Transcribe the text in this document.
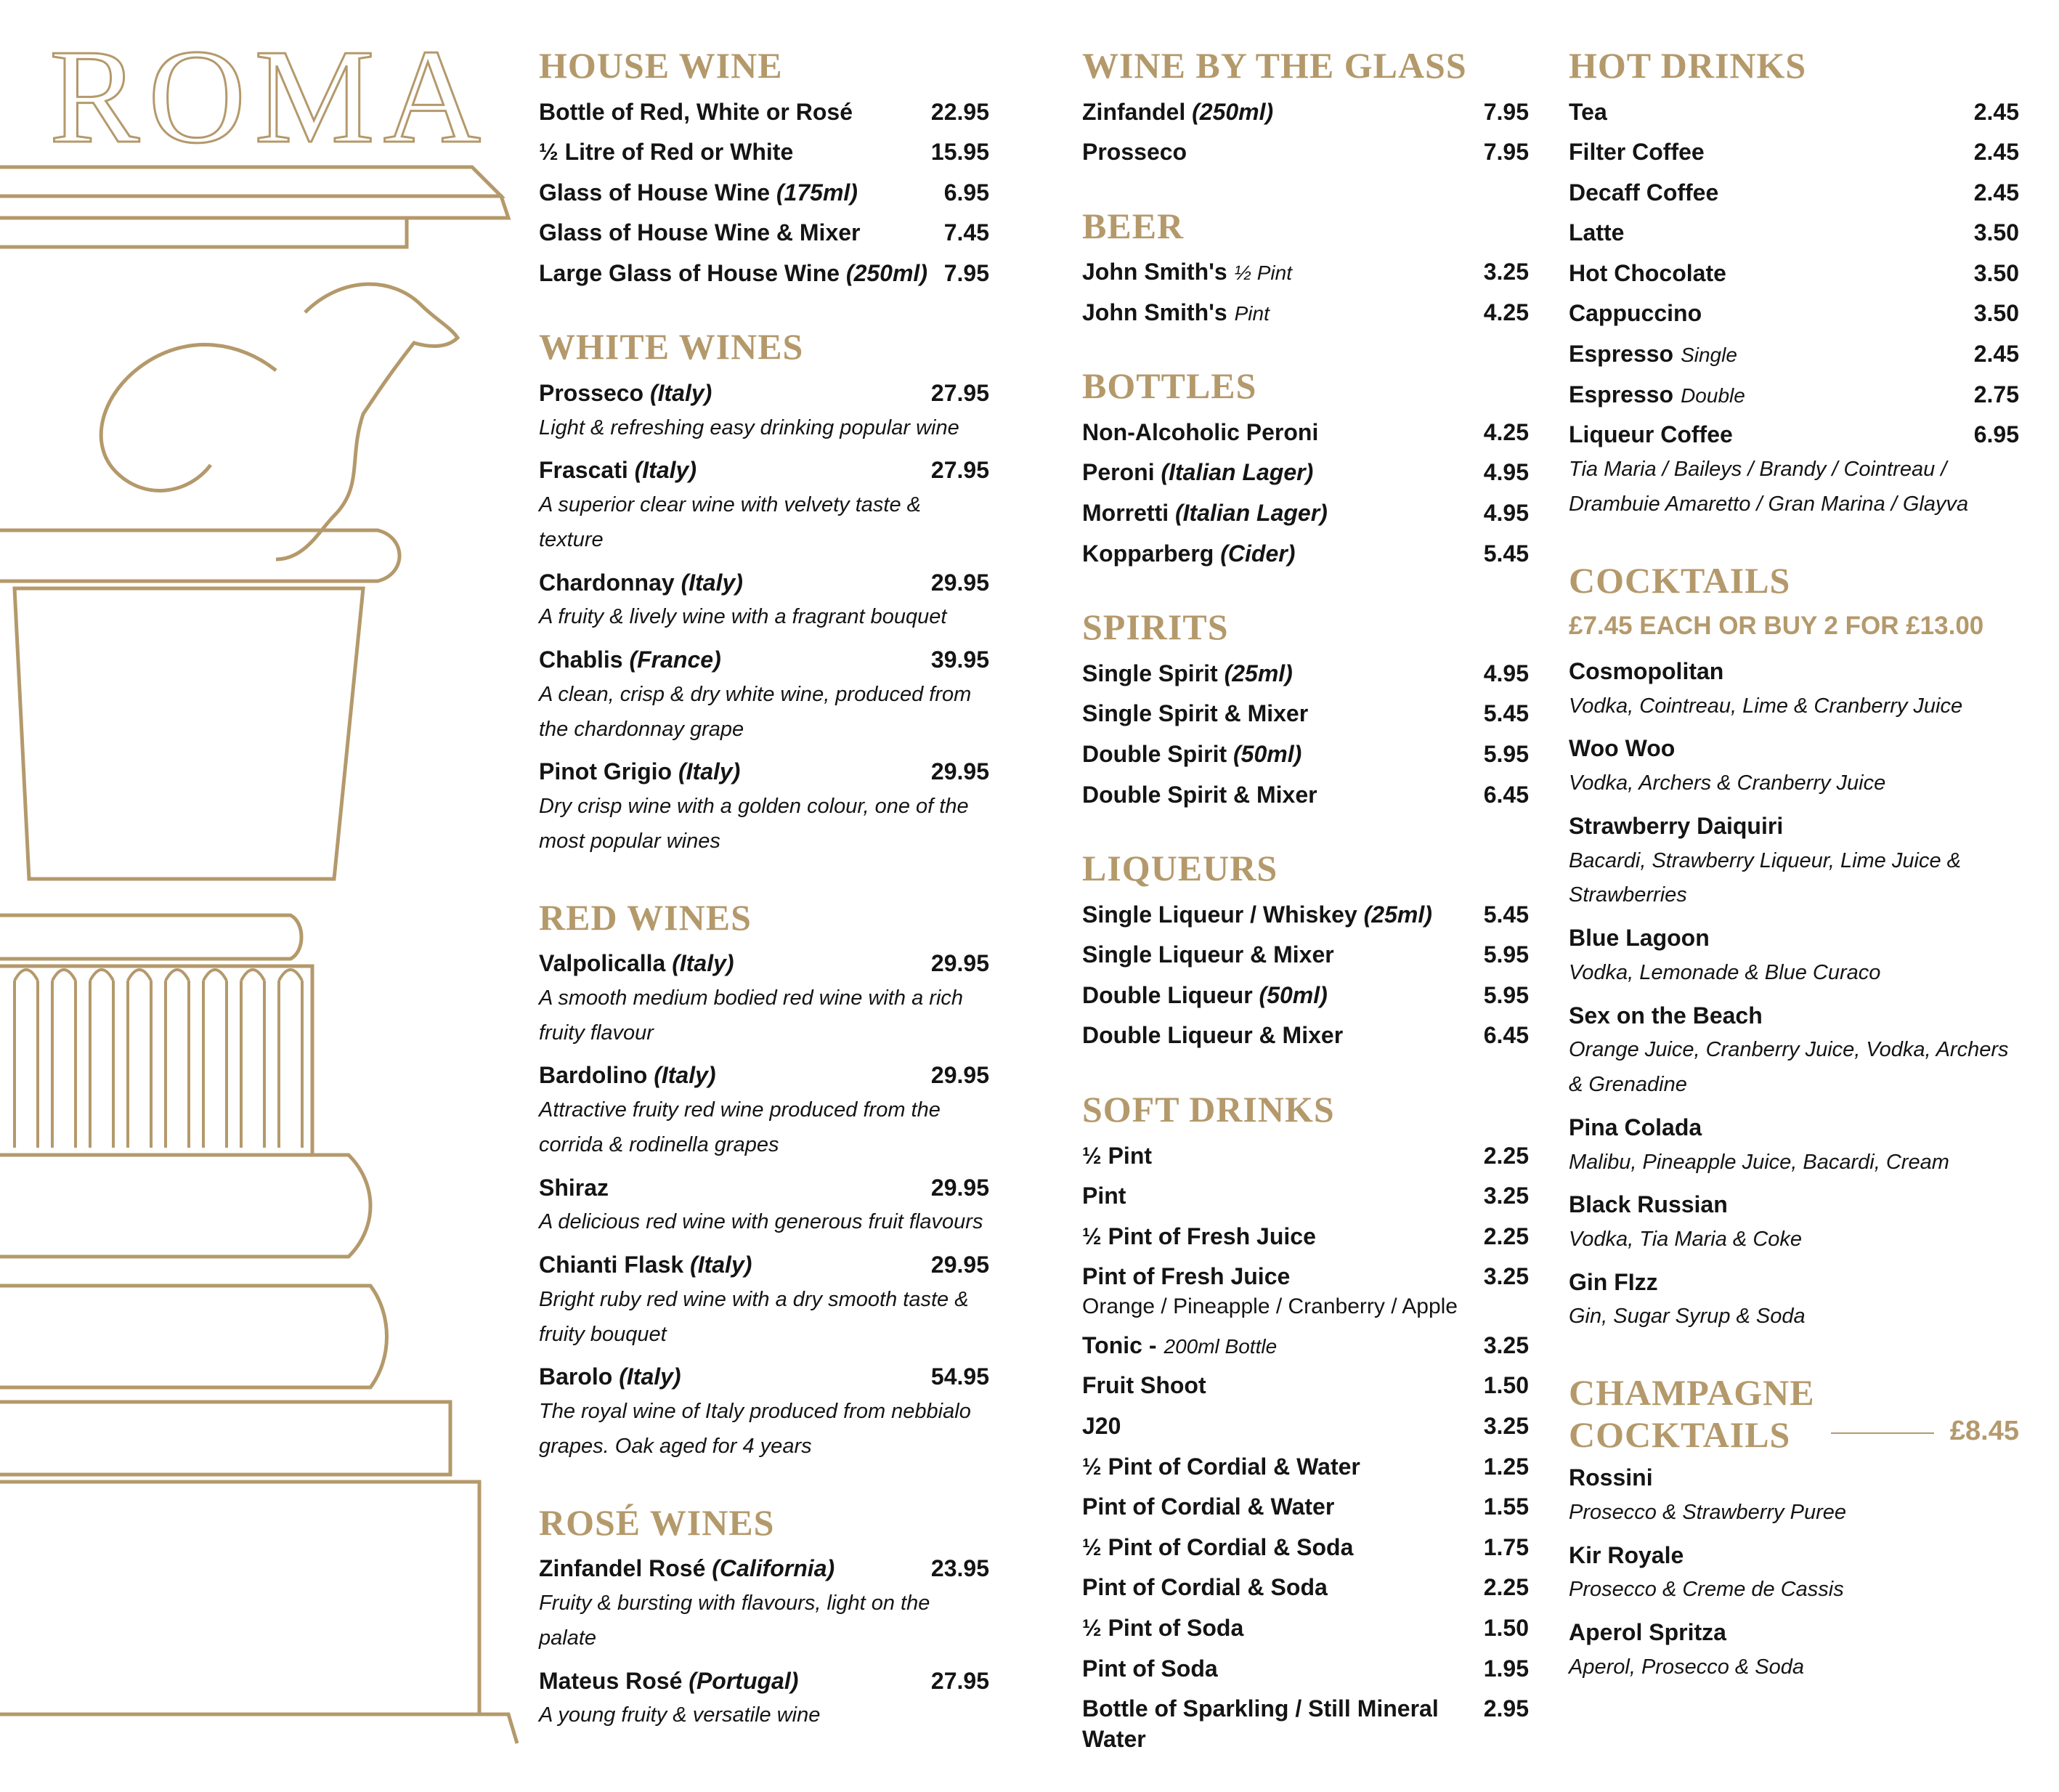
ROMA HOUSE WINE
Bottle of Red, White or Rosé	22.95
½ Litre of Red or White	15.95
Glass of House Wine (175ml)	6.95
Glass of House Wine & Mixer	7.45
Large Glass of House Wine (250ml) 7.95
WHITE WINES
Prosseco (Italy)	27.95
Light & refreshing easy drinking popular wine
Frascati (Italy)	27.95
A superior clear wine with velvety taste & texture
Chardonnay (Italy)	29.95
A fruity & lively wine with a fragrant bouquet
Chablis (France)	39.95
A clean, crisp & dry white wine, produced from the chardonnay grape
Pinot Grigio (Italy)	29.95
Dry crisp wine with a golden colour, one of the most popular wines
RED WINES
Valpolicalla (Italy)	29.95
A smooth medium bodied red wine with a rich fruity flavour
Bardolino (Italy)	29.95
Attractive fruity red wine produced from the corrida & rodinella grapes
Shiraz	29.95
A delicious red wine with generous fruit flavours
Chianti Flask (Italy)	29.95
Bright ruby red wine with a dry smooth taste & fruity bouquet
Barolo (Italy)	54.95
The royal wine of Italy produced from nebbialo grapes. Oak aged for 4 years
ROSÉ WINES
Zinfandel Rosé (California)	23.95
Fruity & bursting with flavours, light on the palate
Mateus Rosé (Portugal)	27.95
A young fruity & versatile wine
WINE BY THE GLASS
Zinfandel (250ml)	7.95
Prosseco	7.95
BEER
John Smith's ½ Pint	3.25
John Smith's Pint	4.25
BOTTLES
Non-Alcoholic Peroni	4.25
Peroni (Italian Lager)	4.95
Morretti (Italian Lager)	4.95
Kopparberg (Cider)	5.45
SPIRITS
Single Spirit (25ml)	4.95
Single Spirit & Mixer	5.45
Double Spirit (50ml)	5.95
Double Spirit & Mixer	6.45
LIQUEURS
Single Liqueur / Whiskey (25ml)	5.45
Single Liqueur & Mixer	5.95
Double Liqueur (50ml)	5.95
Double Liqueur & Mixer	6.45
SOFT DRINKS
½ Pint	2.25
Pint	3.25
½ Pint of Fresh Juice	2.25
Pint of Fresh Juice	3.25
Orange / Pineapple / Cranberry / Apple
Tonic - 200ml Bottle	3.25
Fruit Shoot	1.50
J20	3.25
½ Pint of Cordial & Water	1.25
Pint of Cordial & Water	1.55
½ Pint of Cordial & Soda	1.75
Pint of Cordial & Soda	2.25
½ Pint of Soda	1.50
Pint of Soda	1.95
Bottle of Sparkling / Still Mineral Water
2.95
HOT DRINKS
Tea	2.45
Filter Coffee	2.45
Decaff Coffee	2.45
Latte	3.50
Hot Chocolate	3.50
Cappuccino	3.50
Espresso Single	2.45
Espresso Double	2.75
Liqueur Coffee	6.95
Tia Maria / Baileys / Brandy / Cointreau / Drambuie Amaretto / Gran Marina / Glayva
COCKTAILS
£7.45 EACH OR BUY 2 FOR £13.00
Cosmopolitan
Vodka, Cointreau, Lime & Cranberry Juice
Woo Woo
Vodka, Archers & Cranberry Juice
Strawberry Daiquiri
Bacardi, Strawberry Liqueur, Lime Juice & Strawberries
Blue Lagoon
Vodka, Lemonade & Blue Curaco
Sex on the Beach
Orange Juice, Cranberry Juice, Vodka, Archers & Grenadine
Pina Colada
Malibu, Pineapple Juice, Bacardi, Cream
Black Russian
Vodka, Tia Maria & Coke
Gin FIzz
Gin, Sugar Syrup & Soda
CHAMPAGNE
COCKTAILS	£8.45
Rossini
Prosecco & Strawberry Puree
Kir Royale
Prosecco & Creme de Cassis
Aperol Spritza
Aperol, Prosecco & Soda
